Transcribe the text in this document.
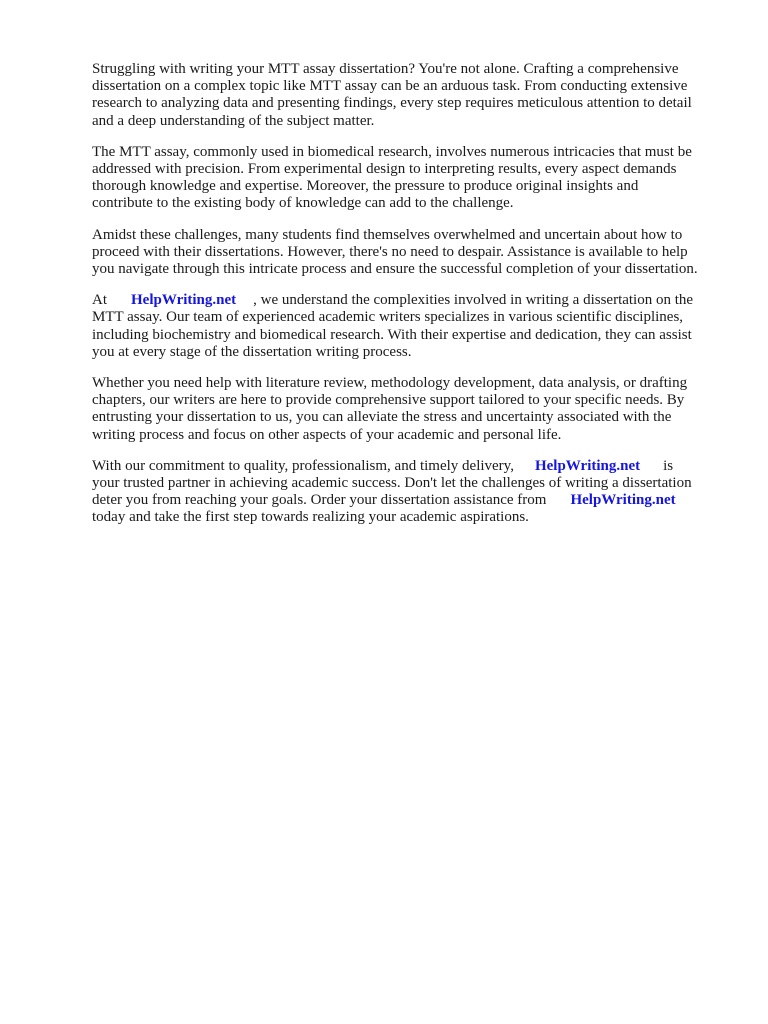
Struggling with writing your MTT assay dissertation? You're not alone. Crafting a comprehensive
dissertation on a complex topic like MTT assay can be an arduous task. From conducting extensive
research to analyzing data and presenting findings, every step requires meticulous attention to detail
and a deep understanding of the subject matter.

The MTT assay, commonly used in biomedical research, involves numerous intricacies that must be
addressed with precision. From experimental design to interpreting results, every aspect demands
thorough knowledge and expertise. Moreover, the pressure to produce original insights and
contribute to the existing body of knowledge can add to the challenge.

Amidst these challenges, many students find themselves overwhelmed and uncertain about how to
proceed with their dissertations. However, there's no need to despair. Assistance is available to help
you navigate through this intricate process and ensure the successful completion of your dissertation.

At HelpWriting.net , we understand the complexities involved in writing a dissertation on the
MTT assay. Our team of experienced academic writers specializes in various scientific disciplines,
including biochemistry and biomedical research. With their expertise and dedication, they can assist
you at every stage of the dissertation writing process.

Whether you need help with literature review, methodology development, data analysis, or drafting
chapters, our writers are here to provide comprehensive support tailored to your specific needs. By
entrusting your dissertation to us, you can alleviate the stress and uncertainty associated with the
writing process and focus on other aspects of your academic and personal life.

With our commitment to quality, professionalism, and timely delivery, HelpWriting.net is
your trusted partner in achieving academic success. Don't let the challenges of writing a dissertation
deter you from reaching your goals. Order your dissertation assistance from HelpWriting.net
today and take the first step towards realizing your academic aspirations.
